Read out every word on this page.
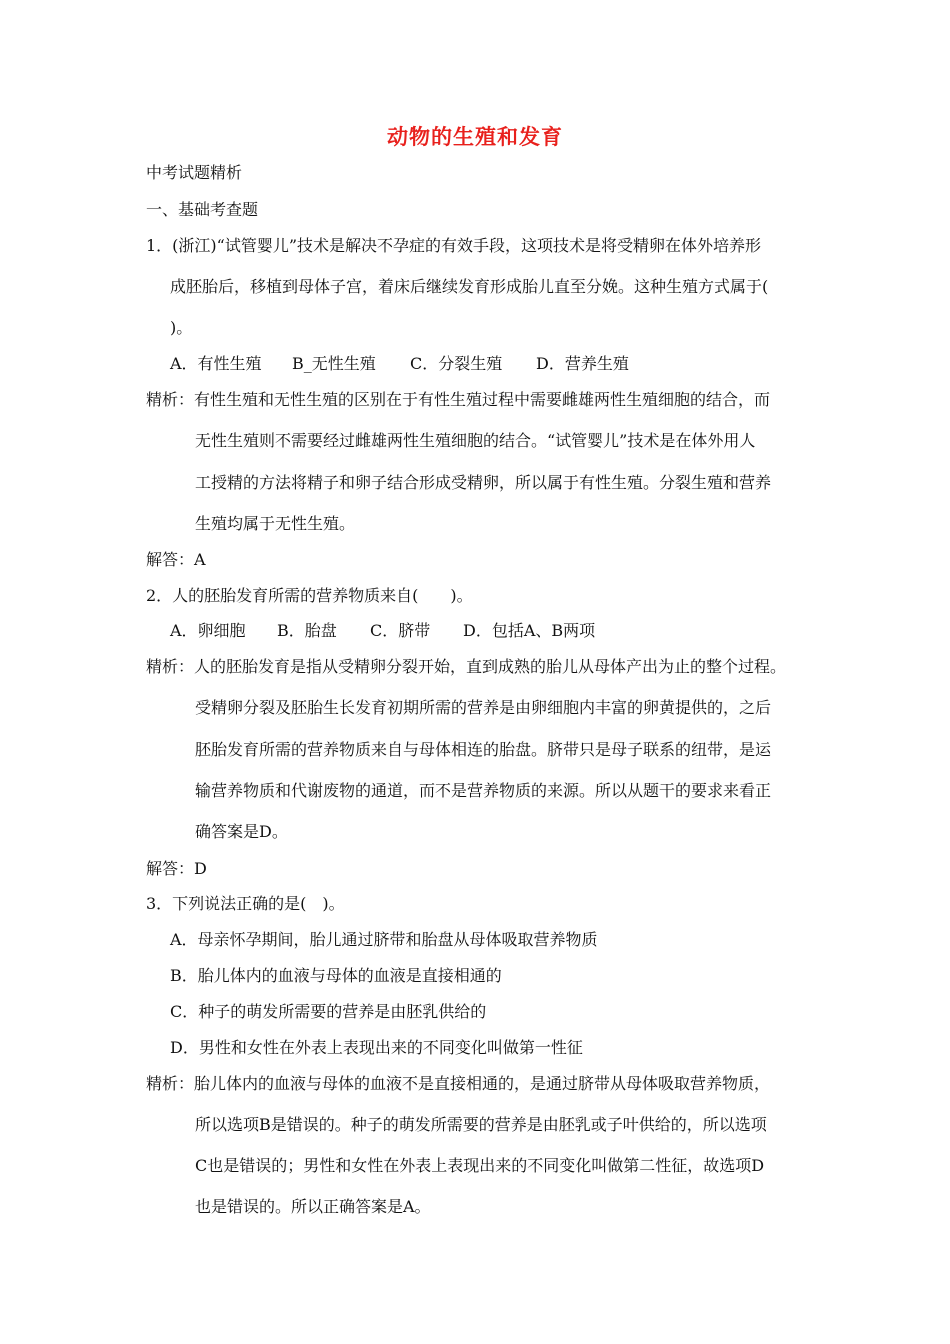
动物的生殖和发育
中考试题精析
一、基础考查题
1．(浙江)“试管婴儿”技术是解决不孕症的有效手段，这项技术是将受精卵在体外培养形
成胚胎后，移植到母体子宫，着床后继续发育形成胎儿直至分娩。这种生殖方式属于(
)。
A．有性生殖 B_无性生殖 C．分裂生殖 D．营养生殖
精析：有性生殖和无性生殖的区别在于有性生殖过程中需要雌雄两性生殖细胞的结合，而
无性生殖则不需要经过雌雄两性生殖细胞的结合。“试管婴儿”技术是在体外用人
工授精的方法将精子和卵子结合形成受精卵，所以属于有性生殖。分裂生殖和营养
生殖均属于无性生殖。
解答：A
2．人的胚胎发育所需的营养物质来自(　　)。
A．卵细胞 B．胎盘 C．脐带 D．包括A、B两项
精析：人的胚胎发育是指从受精卵分裂开始，直到成熟的胎儿从母体产出为止的整个过程。
受精卵分裂及胚胎生长发育初期所需的营养是由卵细胞内丰富的卵黄提供的，之后
胚胎发育所需的营养物质来自与母体相连的胎盘。脐带只是母子联系的纽带，是运
输营养物质和代谢废物的通道，而不是营养物质的来源。所以从题干的要求来看正
确答案是D。
解答：D
3．下列说法正确的是(　)。
A．母亲怀孕期间，胎儿通过脐带和胎盘从母体吸取营养物质
B．胎儿体内的血液与母体的血液是直接相通的
C．种子的萌发所需要的营养是由胚乳供给的
D．男性和女性在外表上表现出来的不同变化叫做第一性征
精析：胎儿体内的血液与母体的血液不是直接相通的，是通过脐带从母体吸取营养物质，
所以选项B是错误的。种子的萌发所需要的营养是由胚乳或子叶供给的，所以选项
C也是错误的；男性和女性在外表上表现出来的不同变化叫做第二性征，故选项D
也是错误的。所以正确答案是A。
